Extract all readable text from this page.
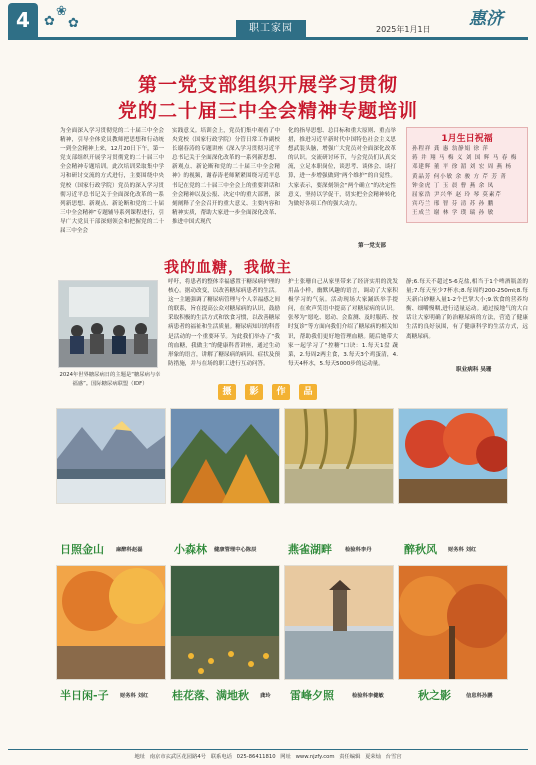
4	✿
❀
✿	职工家园	2025年1月1日
惠济
第一党支部组织开展学习贯彻
党的二十届三中全会精神专题培训
为全面深入学习贯彻党的二十届三中全会精神，引导全体党员教师把思想和行动统一到全会精神上来，12月20日下午，第一党支部组织开展学习贯彻党的二十届三中全会精神专题培训。此次培训采取集中学习和研讨交流的方式进行，主要围绕中央党校（国家行政学院）党员的深入学习贯彻习近平总书记关于全面深化改革的一系列新思想、新观点、新论断和党的二十届三中全会精神”专题辅导系列课程进行，引导广大党员干部深刻领会和把握党的二十届三中全会
实践意义。培训会上，党员们集中观看了中央党校（国家行政学院）分管日常工作副校长谢春涛的专题讲座《深入学习贯彻习近平总书记关于全面深化改革的一系列新思想、新观点、新论断和党的二十届三中全会精神》的视频，谢春涛老师紧紧围绕习近平总书记在党的二十届三中全会上的重要讲话和全会精神以及公报、决定中的重大部署，深刻阐释了全会召开的重大意义、主要内容和精神实质，帮助大家进一步全面深化改革、推进中国式现代
化的指导思想、总目标和重大原则、重点举措，推进习近平新时代中国特色社会主义思想武装头脑，增强广大党员对全面深化改革的认识。交流研讨环节，与会党员们认真交流，立足本职岗位，谈思考、谈体会、谈打算，进一步增强做到“两个维护”的自觉性。大家表示，要深刻领会“两个确立”的决定性意义，坚持以学促干，切实把全会精神转化为做好各项工作的强大动力。
第一党支部
1月生日祝福
孙程祥 龚 惠 翁静娟 徐 萍
蒋 井 翔 马 梅 义 刘 国 辉 马 春 梅
邓建辉 董 平 徐 湄 刘 宏 周 燕 杨
黄晶芳 何小敏 余 骏 方 芹 芳 菁
钟金虎 丁 玉 晨 曹 燕 余 凤
屈家浩 尹兴华 赵 玲 琴 莫素芹
宾巧兰 邢 智 芬 清 苏 孙 鹏
王成兰 谢 林 学 璞 瑞 孙 敏
我的血糖，我做主
2024年世界糖尿病日的主题是“糖尿病与幸福感”。国际糖尿病联盟（IDF）
呼吁，将患者的整体幸福感置于糖尿病护理的核心。据动改变，以改善糖尿病患者的生活。这一主题强调了糖尿病管理与个人幸福感之间的联系，旨在提高公众对糖尿病的认识，鼓励采取积极的生活方式和饮食习惯，以改善糖尿病患者的福祉和生活质量。糖尿病知识的科普是活动的一个重要环节。为此我们举办了“我的血糖，我做主”的健康科普讲座，通过生动形象的语言，讲解了糖尿病的病因、症状及预防措施，并与在场的职工进行互动问答。
护士张珊自己从家里带来了经济实用的洗发用品小样，幽默风趣的语言，调动了大家积极学习的气氛。活动现场大家踊跃举手提问，在欢声笑语中提高了对糖尿病的认识。张琴为“愿吃、愿动、会监测、及时服药、按时复诊”等方面向我们介绍了糖尿病的相关知识，帮助我们更好地管理血糖。随后她带大家一起学习了“控糖”口诀：1.每天1盘 蔬菜，2.每周2两主食，3.每天3个鸡蛋清，4.每天4杯水，5.每天5000步的运动量。
静;6.每天不超过5-6克盐,相当于1个啤酒瓶盖的量;7.每天至少7杯水;8.每周约200-250ml;8.每天新白砂糖入量1-2个巴掌大小;9.饮食的营养均衡、细嚼慢咽,进行适量运动。通过接地气的大白话让大家明确了防治糖尿病的方法，营造了健康生活的良好氛围，有了健康科学的生活方式，远离糖尿病。
职业病科 吴珊
摄	影	作	品
日照金山 麻醉科赵磊	小森林 健康管理中心陈辰	燕雀湖畔 检验科李丹	醉秋风 财务科 刘红
半日闲-子 财务科 刘红 桂花落、满地秋 龚玲 雷峰夕照	检验科李健敏	秋之影	信息科孙鹏
地址 南京市玄武区花园路4号 联系电话 025-86411810 网址 www.njzfy.com 责任编辑 夏荣灿 台雪宫
